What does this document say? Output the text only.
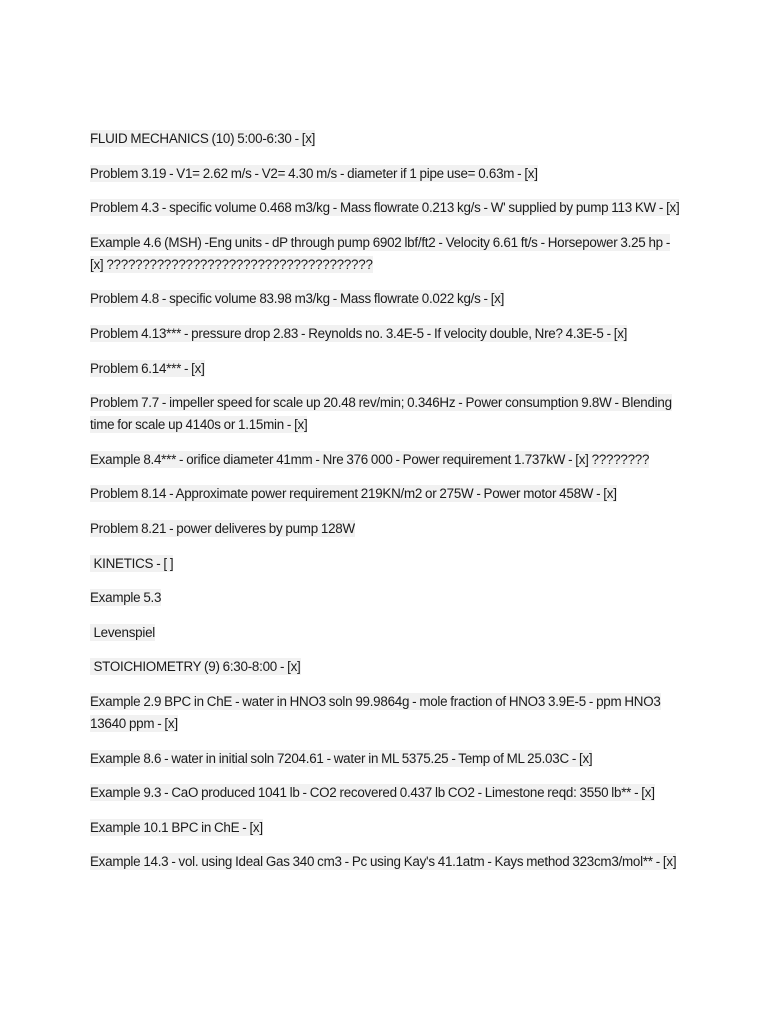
FLUID MECHANICS (10) 5:00-6:30 - [x]
Problem 3.19 - V1= 2.62 m/s - V2= 4.30 m/s - diameter if 1 pipe use= 0.63m - [x]
Problem 4.3 - specific volume 0.468 m3/kg - Mass flowrate 0.213 kg/s - W' supplied by pump 113 KW - [x]
Example 4.6 (MSH) -Eng units - dP through pump 6902 lbf/ft2 - Velocity 6.61 ft/s - Horsepower 3.25 hp - [x] ?????????????????????????????????????
Problem 4.8 - specific volume 83.98 m3/kg - Mass flowrate 0.022 kg/s - [x]
Problem 4.13*** - pressure drop 2.83 - Reynolds no. 3.4E-5 - If velocity double, Nre? 4.3E-5 - [x]
Problem 6.14*** - [x]
Problem 7.7 - impeller speed for scale up 20.48 rev/min; 0.346Hz - Power consumption 9.8W - Blending time for scale up 4140s or 1.15min - [x]
Example 8.4*** - orifice diameter 41mm - Nre 376 000 - Power requirement 1.737kW - [x] ????????
Problem 8.14 - Approximate power requirement 219KN/m2 or 275W - Power motor 458W - [x]
Problem 8.21 - power deliveres by pump 128W
KINETICS - [ ]
Example 5.3
Levenspiel
STOICHIOMETRY (9) 6:30-8:00 - [x]
Example 2.9 BPC in ChE - water in HNO3 soln 99.9864g - mole fraction of HNO3 3.9E-5 - ppm HNO3 13640 ppm - [x]
Example 8.6 - water in initial soln 7204.61 - water in ML 5375.25 - Temp of ML 25.03C - [x]
Example 9.3 - CaO produced 1041 lb - CO2 recovered 0.437 lb CO2 - Limestone reqd: 3550 lb** - [x]
Example 10.1 BPC in ChE - [x]
Example 14.3 - vol. using Ideal Gas 340 cm3 - Pc using Kay's 41.1atm - Kays method 323cm3/mol** - [x]
